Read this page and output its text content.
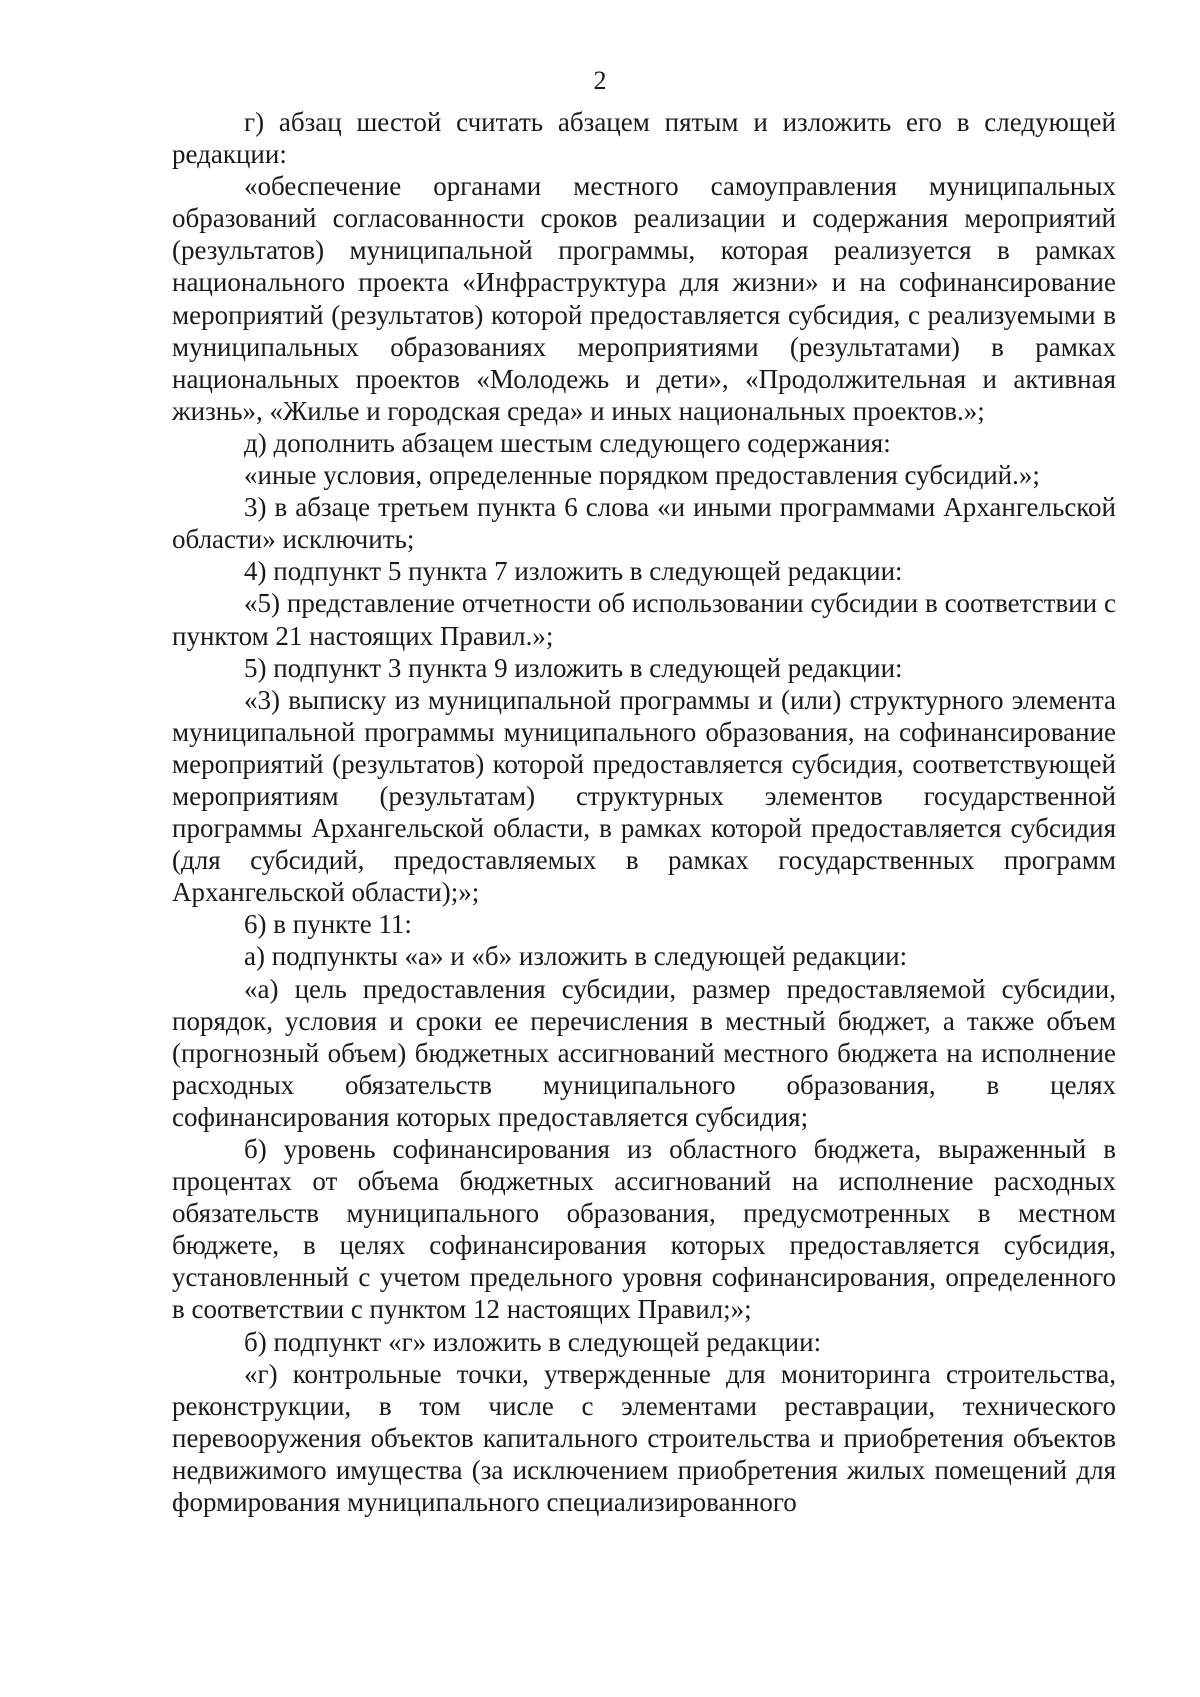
2

г) абзац шестой считать абзацем пятым и изложить его в следующей редакции:

«обеспечение органами местного самоуправления муниципальных образований согласованности сроков реализации и содержания мероприятий (результатов) муниципальной программы, которая реализуется в рамках национального проекта «Инфраструктура для жизни» и на софинансирование мероприятий (результатов) которой предоставляется субсидия, с реализуемыми в муниципальных образованиях мероприятиями (результатами) в рамках национальных проектов «Молодежь и дети», «Продолжительная и активная жизнь», «Жилье и городская среда» и иных национальных проектов.»;

д) дополнить абзацем шестым следующего содержания:

«иные условия, определенные порядком предоставления субсидий.»;

3) в абзаце третьем пункта 6 слова «и иными программами Архангельской области» исключить;

4) подпункт 5 пункта 7 изложить в следующей редакции:

«5) представление отчетности об использовании субсидии в соответствии с пунктом 21 настоящих Правил.»;

5) подпункт 3 пункта 9 изложить в следующей редакции:

«3) выписку из муниципальной программы и (или) структурного элемента муниципальной программы муниципального образования, на софинансирование мероприятий (результатов) которой предоставляется субсидия, соответствующей мероприятиям (результатам) структурных элементов государственной программы Архангельской области, в рамках которой предоставляется субсидия (для субсидий, предоставляемых в рамках государственных программ Архангельской области);»;

6) в пункте 11:

а) подпункты «а» и «б» изложить в следующей редакции:

«а) цель предоставления субсидии, размер предоставляемой субсидии, порядок, условия и сроки ее перечисления в местный бюджет, а также объем (прогнозный объем) бюджетных ассигнований местного бюджета на исполнение расходных обязательств муниципального образования, в целях софинансирования которых предоставляется субсидия;

б) уровень софинансирования из областного бюджета, выраженный в процентах от объема бюджетных ассигнований на исполнение расходных обязательств муниципального образования, предусмотренных в местном бюджете, в целях софинансирования которых предоставляется субсидия, установленный с учетом предельного уровня софинансирования, определенного в соответствии с пунктом 12 настоящих Правил;»;

б) подпункт «г» изложить в следующей редакции:

«г) контрольные точки, утвержденные для мониторинга строительства, реконструкции, в том числе с элементами реставрации, технического перевооружения объектов капитального строительства и приобретения объектов недвижимого имущества (за исключением приобретения жилых помещений для формирования муниципального специализированного
